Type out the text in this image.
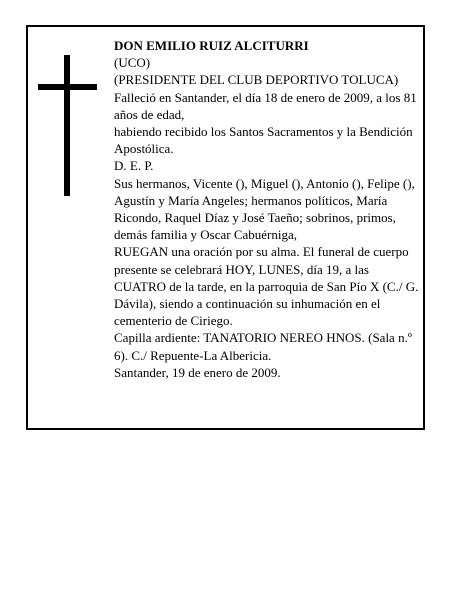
DON EMILIO RUIZ ALCITURRI

(UCO)

(PRESIDENTE DEL CLUB DEPORTIVO TOLUCA)

Falleció en Santander, el día 18 de enero de 2009, a los 81 años de edad,

habiendo recibido los Santos Sacramentos y la Bendición Apostólica.

D. E. P.

Sus hermanos, Vicente (), Miguel (), Antonio (), Felipe (), Agustín y María Angeles; hermanos políticos, María Ricondo, Raquel Díaz y José Taeño; sobrinos, primos, demás familia y Oscar Cabuérniga,

RUEGAN una oración por su alma. El funeral de cuerpo presente se celebrará HOY, LUNES, día 19, a las CUATRO de la tarde, en la parroquia de San Pío X (C./ G. Dávila), siendo a continuación su inhumación en el cementerio de Ciriego.

Capilla ardiente: TANATORIO NEREO HNOS. (Sala n.º 6). C./ Repuente-La Albericia.

Santander, 19 de enero de 2009.
